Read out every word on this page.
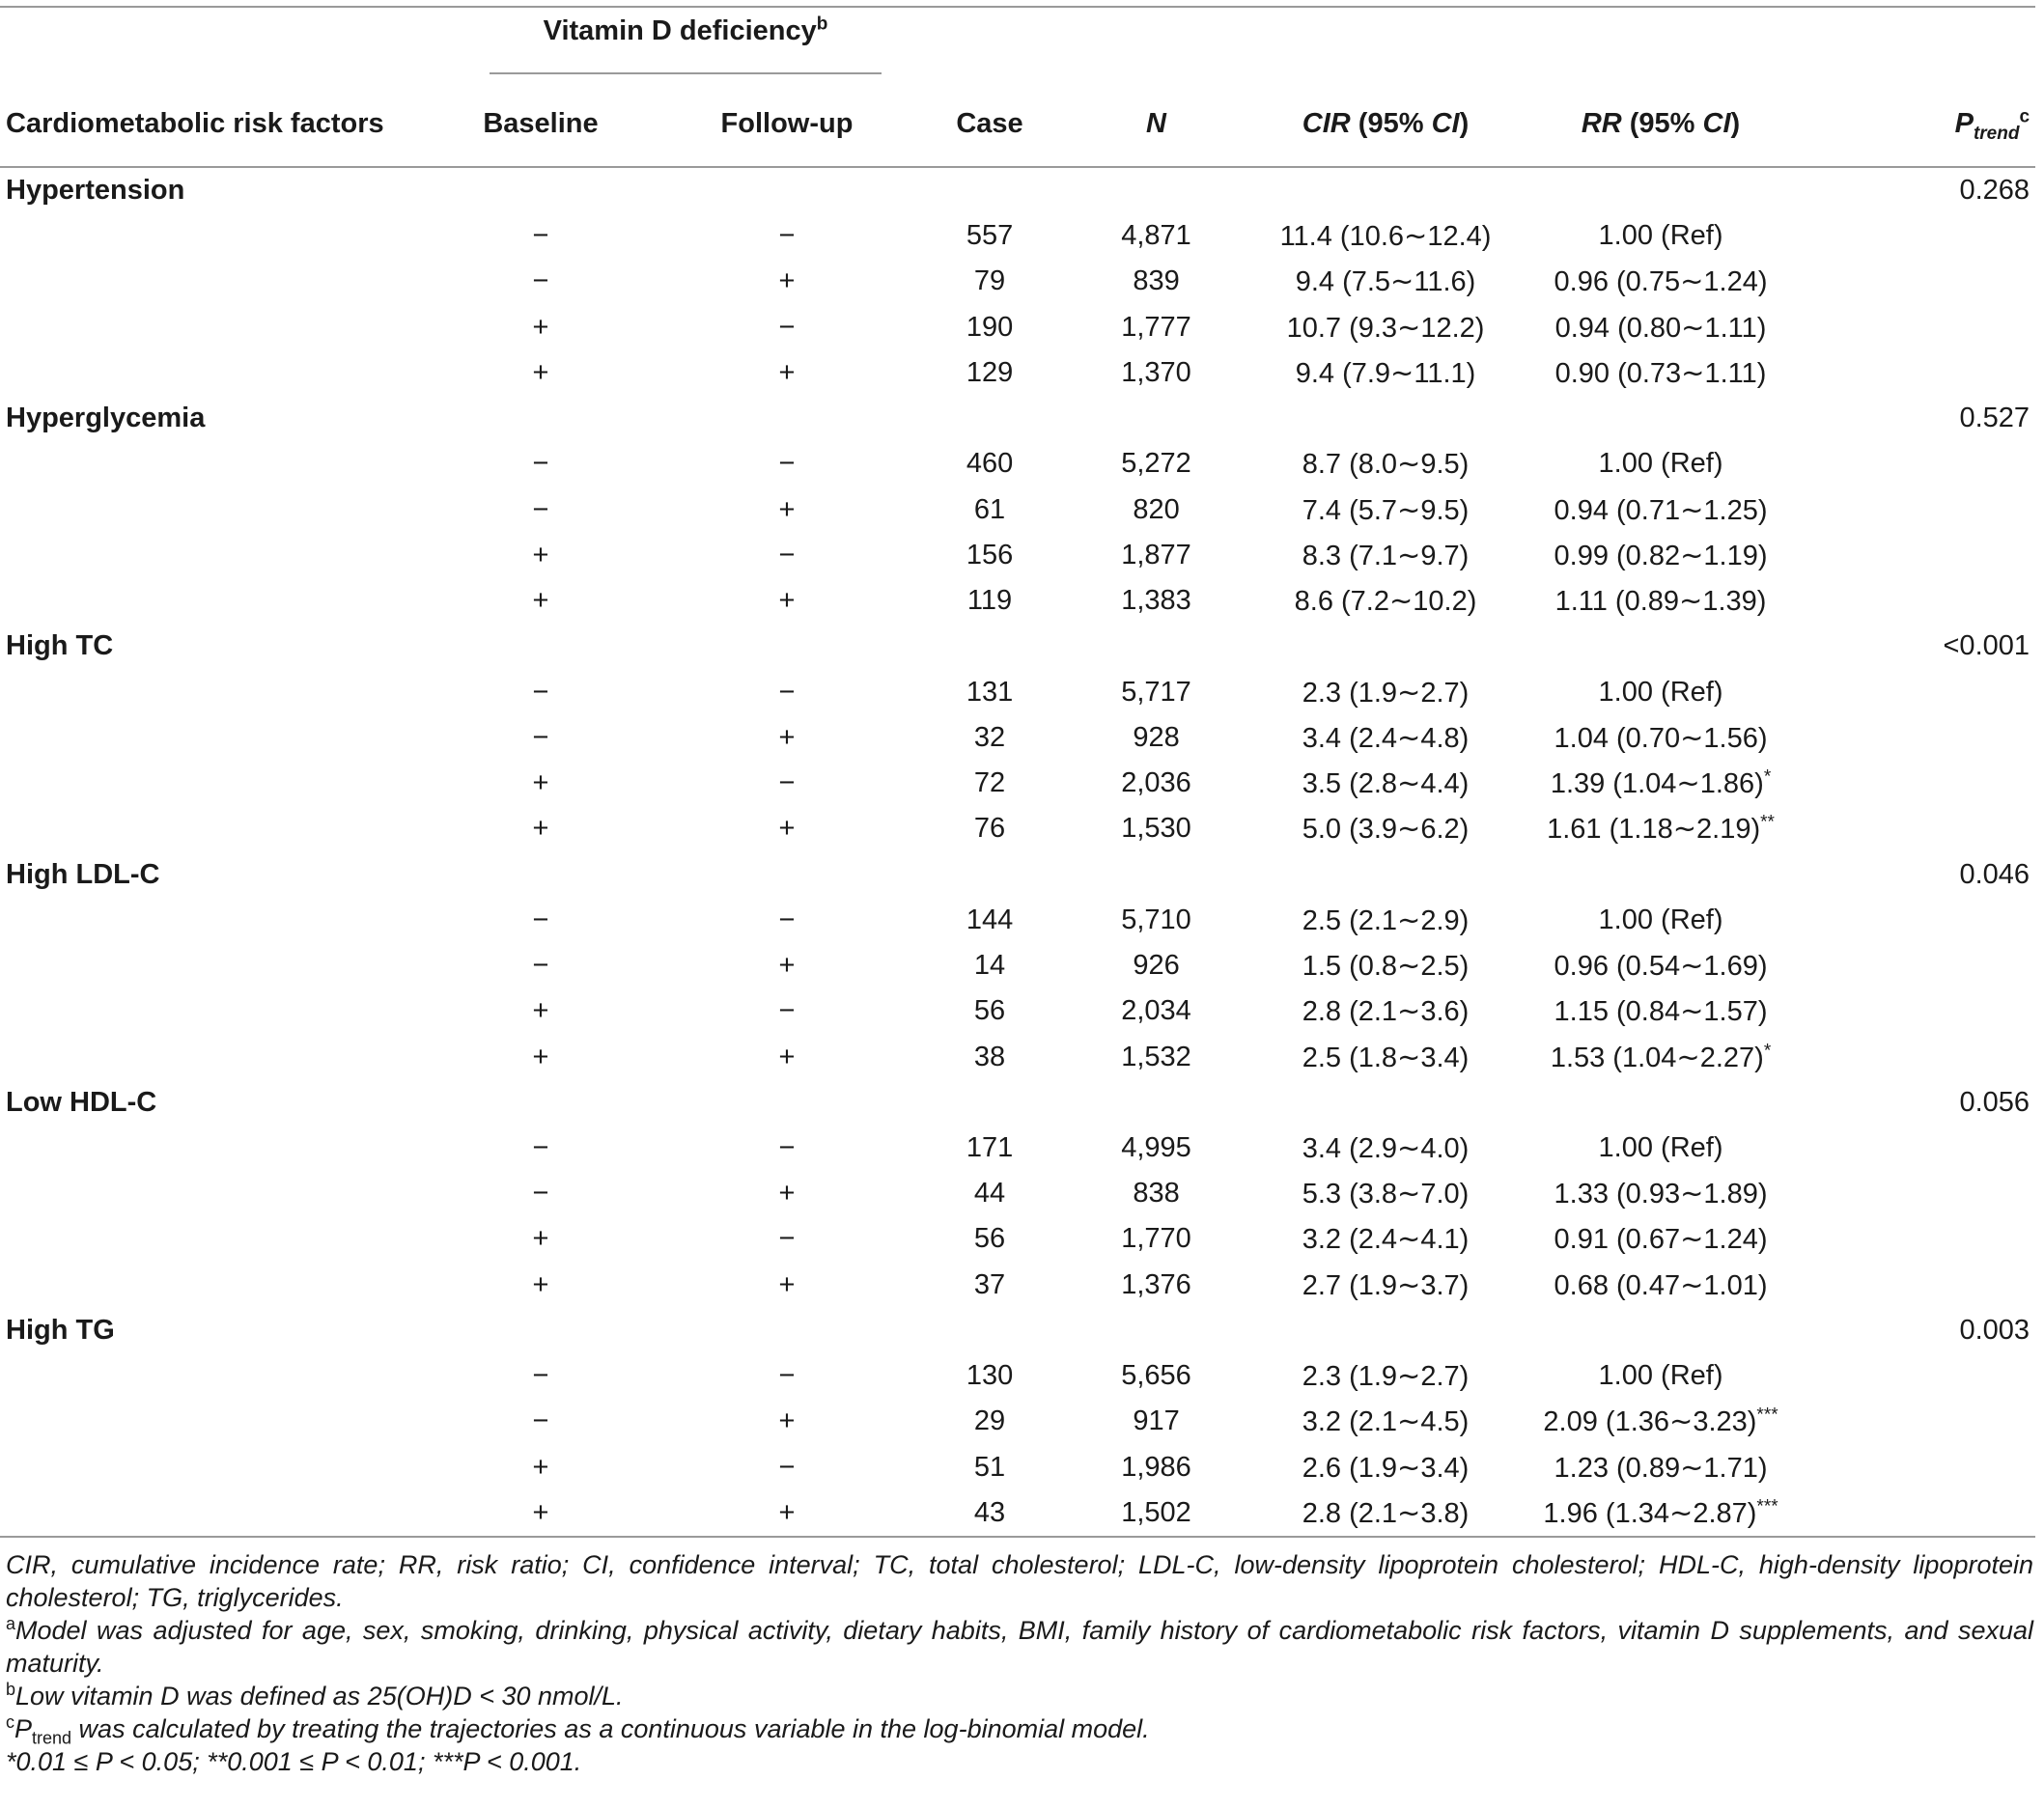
	Vitamin D deficiency$^b$					
Cardiometabolic risk factors	Baseline	Follow-up	Case	N	CIR (95% CI)	RR (95% CI)	$P_{trend}^c$
Hypertension							0.268
	−	−	557	4,871	11.4 (10.6∼12.4)	1.00 (Ref)	
	−	+	79	839	9.4 (7.5∼11.6)	0.96 (0.75∼1.24)	
	+	−	190	1,777	10.7 (9.3∼12.2)	0.94 (0.80∼1.11)	
	+	+	129	1,370	9.4 (7.9∼11.1)	0.90 (0.73∼1.11)	
Hyperglycemia							0.527
	−	−	460	5,272	8.7 (8.0∼9.5)	1.00 (Ref)	
	−	+	61	820	7.4 (5.7∼9.5)	0.94 (0.71∼1.25)	
	+	−	156	1,877	8.3 (7.1∼9.7)	0.99 (0.82∼1.19)	
	+	+	119	1,383	8.6 (7.2∼10.2)	1.11 (0.89∼1.39)	
High TC							<0.001
	−	−	131	5,717	2.3 (1.9∼2.7)	1.00 (Ref)	
	−	+	32	928	3.4 (2.4∼4.8)	1.04 (0.70∼1.56)	
	+	−	72	2,036	3.5 (2.8∼4.4)	1.39 (1.04∼1.86)*	
	+	+	76	1,530	5.0 (3.9∼6.2)	1.61 (1.18∼2.19)**	
High LDL-C							0.046
	−	−	144	5,710	2.5 (2.1∼2.9)	1.00 (Ref)	
	−	+	14	926	1.5 (0.8∼2.5)	0.96 (0.54∼1.69)	
	+	−	56	2,034	2.8 (2.1∼3.6)	1.15 (0.84∼1.57)	
	+	+	38	1,532	2.5 (1.8∼3.4)	1.53 (1.04∼2.27)*	
Low HDL-C							0.056
	−	−	171	4,995	3.4 (2.9∼4.0)	1.00 (Ref)	
	−	+	44	838	5.3 (3.8∼7.0)	1.33 (0.93∼1.89)	
	+	−	56	1,770	3.2 (2.4∼4.1)	0.91 (0.67∼1.24)	
	+	+	37	1,376	2.7 (1.9∼3.7)	0.68 (0.47∼1.01)	
High TG							0.003
	−	−	130	5,656	2.3 (1.9∼2.7)	1.00 (Ref)	
	−	+	29	917	3.2 (2.1∼4.5)	2.09 (1.36∼3.23)***	
	+	−	51	1,986	2.6 (1.9∼3.4)	1.23 (0.89∼1.71)	
	+	+	43	1,502	2.8 (2.1∼3.8)	1.96 (1.34∼2.87)***	

CIR, cumulative incidence rate; RR, risk ratio; CI, confidence interval; TC, total cholesterol; LDL-C, low-density lipoprotein cholesterol; HDL-C, high-density lipoprotein cholesterol; TG, triglycerides.

$^a$Model was adjusted for age, sex, smoking, drinking, physical activity, dietary habits, BMI, family history of cardiometabolic risk factors, vitamin D supplements, and sexual maturity.

$^b$Low vitamin D was defined as 25(OH)D < 30 nmol/L.

$^cP_{trend}$ was calculated by treating the trajectories as a continuous variable in the log-binomial model.

*0.01 ≤ P < 0.05; **0.001 ≤ P < 0.01; ***P < 0.001.
